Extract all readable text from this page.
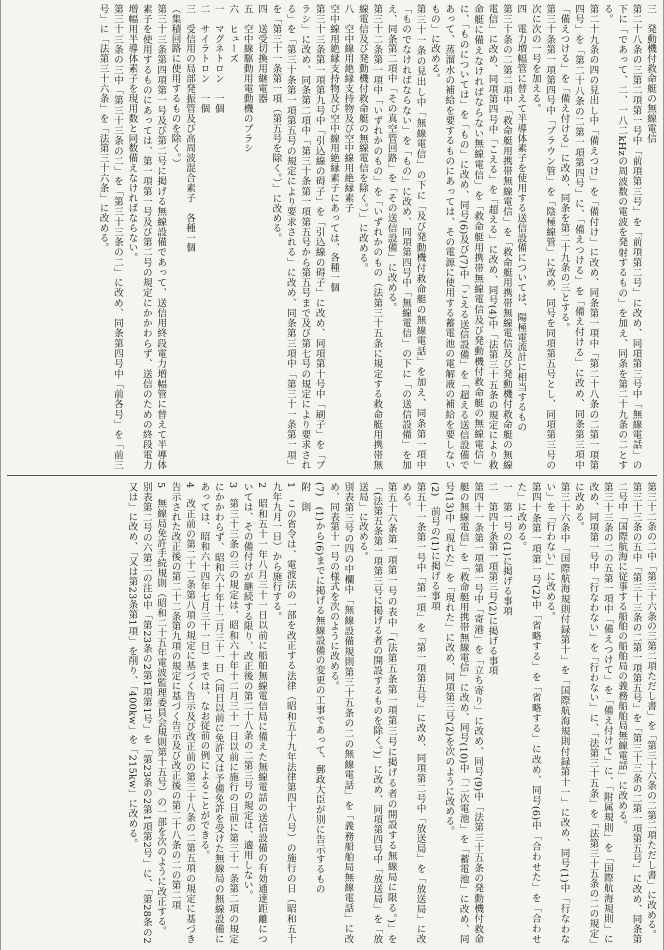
三　発動機付救命艇の無線電信
第二十八条の三第二項第一号中「前項第三号」を「前項第二号」に改め、同項第三号中「無線電話」の下に「であって、二、一八二kHzの周波数の電波を発射するもの」を加え、同条を第二十九条の二とする。
第二十九条の四の見出し中「備えつけ」を「備付け」に改め、同条第一項中「第二十八条の二第一項第四号」を「第二十八条の二第一項第四号」に、「備えつける」を「備え付ける」に改め、同条第三項中「備えつける」を「備え付ける」に改め、同条を第二十九条の三とする。
第三十条第一項第四号中「ブラウン管」を「陰極線管」に改め、同号を同項第五号とし、同項第三号の次に次の一号を加える。
四　電力増幅管に替えて半導体素子を使用する送信設備については、陽極電流計に相当するもの
第三十条の二第二項中「救命艇用携帯無線電信」を「救命艇用携帯無線電信及び発動機付救命艇の無線電信」に改め、同項第四号中「こえる」を「超える」に改め、同号(4)中「法第三十五条の規定により救命艇に備えなければならない無線電信」を「救命艇用携帯無線電信及び発動機付救命艇の無線電信」に、「ものについては」を「もの」に改め、同号(6)及び(7)中「こえる送信設備」を「超える送信設備であって、蒸溜水の補給を要するものにあっては、その電源に使用する蓄電池の電解液の補給を要しないもの」に改める。
第三十一条の見出し中「無線電信」の下に「及び発動機付救命艇の無線電話」を加え、同条第一項中「ものでなければならない」を「もの」に改め、同項第四号中「無線電信」の下に「の送信設備」を加え、同条第二項中「その真空管回路」を「その送信設備」に改める。
第三十二条第一項中「いずれかのもの」を「いずれかのもの（法第三十五条に規定する救命艇用携帯無線電信及び発動機付救命艇の無線電信を除く。）」に改める。
八　空中線用絶縁支持物及び空中線用絶縁素子
空中線用絶縁支持物及び空中線用絶縁素子にあっては、各種一個
第三十三条第一項第九号中「引込線の碍子」を「引込線の碍子」に改め、同項第十号中「刷子」を「ブラシ」に改め、同条第二項中「第三十条第一項第五号から第五号まで及び第七号の規定により要求される」を「第三十条第一項第五号の規定により要求される」に改め、同条第三項中「第三十一条第一項」を「第三十一条第一項（第五号を除く。）」に改める。
四　送受切換用継電器
五　空中線駆動用電動機のブラシ
六　ヒューズ
一　マグネトロン　一個
二　サイラトロン　一個
三　受信用の局部発振管及び高周波混合素子　各種一個
（集積回路に使用するものを除く。）
第三十三条第四項第一号及び第二号に掲げる無線設備であって、送信用終段電力増幅管に替えて半導体素子を使用するものにあっては、第一項第一号及び第二号の規定にかかわらず、送信のための終段電力増幅用半導体素子を現用数と同数備えなければならない。
第三十三条の三中「第三十三条の二」を「第三十三条の二」に改め、同条第四号中「前各号」を「前三号」に「法第三十六条」を「法第三十六条」に改める。
第三十二条の二中「第三十六条の三第二項ただし書」を「第三十六条の二第二項ただし書」に改める。
第三十三条の五中「第三十三条の二第一項第五号」を「第三十三条の二第一項第五号」に改め、同条第二号中「国際航海に従事する船舶の船舶局の義務船舶局無線電話」に改める。
第三十三条の二の五第一項中「備えつけて」を「備え付けて」に、「附属規則」を「国際航海規則」に改め、同項第一号中「行なわない」を「行わない」に、「法第三十五条」を「法第三十五条の二の規定」に改める。
第三十六条中「国際航海規則付録第十」を「国際航海規則付録第十一」に改め、同号(1)中「行なわない」を「行わない」に改める。
第四十条第一項第一号(2)中「省略する」を「省略する」に改め、同号(6)中「合わせた」を「合わせた」に改める。
一　第一号の(1)に掲げる事項
二　第四十条第一項第三号(2)に掲げる事項
第四十一条第一項第一号中「寄港」を「立ち寄り」に改め、同号(9)中「法第三十五条の発動機付救命艇の無線電信」を「救命艇用携帯無線電信」に改め、同号(10)中「二次電池」を「蓄電池」に改め、同号(13)中「現れた」を「現れた」に改め、同項第三号(2)を次のように改める。
(2)　前号の(1)に掲げる事項
第五十一条第一号中「第一項」を「第一項第五号」に改め、同項第二号中「放送局」を「放送局」に改める。
第五十六条第一項第一号の表中「(法第五条第一項第三号に掲げる者の開設する無線局に限る。)」を「(法第五条第一項第三号に掲げる者の開設するものを除く。)」に改め、同項第四号中「放送局」を「放送局」に改める。
別表第三号の四の中欄中「無線設備規則第三十五条の二の無線電話」を「義務船舶局無線電話」に改め、同表第十一号の様式を次のように改める。
(7)　(1)から(6)までに掲げる無線設備の変更の工事であって、郵政大臣が別に告示するもの
附　則
1　この省令は、電波法の一部を改正する法律（昭和五十九年法律第四十八号）の施行の日（昭和五十九年九月一日）から施行する。
2　昭和五十一年八月三十一日以前に船舶無線電信局に備えた無線電話の送信設備の有効通達距離については、その備付けが継続する限り、改正後の第二十八条の二第三号の規定は、適用しない。
3　第三十三条の三の規定は、昭和六十年十二月三十一日以前に施行の日前に第三十一条第二項の規定にかかわらず、昭和六十年十二月三十一日（同日以前に免許又は予備免許を受けた無線局の無線設備にあっては、昭和六十四年七月三十一日）までは、なお従前の例によることができる。
4　改正前の第二十二条第八項の規定に基づく告示及び改正前の第三十八条の二第五項の規定に基づき告示された改正後の第二十二条第九項の規定に基づく告示及び改正後の第二十八条の二の第二項
5　無線局免許手続規則（昭和二十五年電波監理委員会規則第十五号）の一部を次のように改正する。
別表第二号の六第二の注3中「第23条の2第1項第1号」を「第23条の2第1項第2号」に、「第28条の2又は」に改め、「又は第23条第1項」を削り、「400kw」を「215kw」に改める。
